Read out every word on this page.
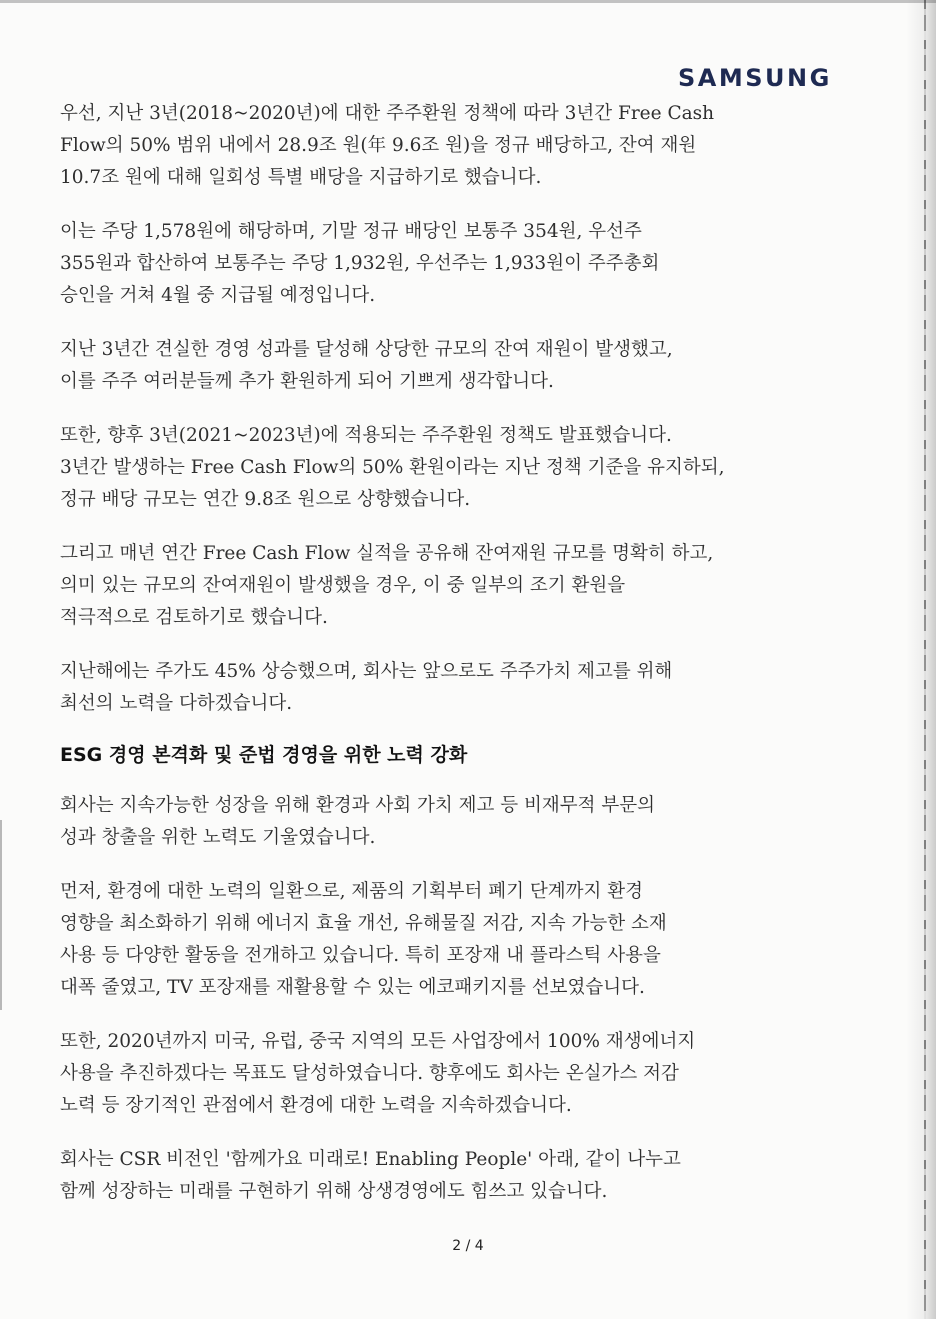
SAMSUNG
우선, 지난 3년(2018~2020년)에 대한 주주환원 정책에 따라 3년간 Free Cash
Flow의 50% 범위 내에서 28.9조 원(年 9.6조 원)을 정규 배당하고, 잔여 재원
10.7조 원에 대해 일회성 특별 배당을 지급하기로 했습니다.
이는 주당 1,578원에 해당하며, 기말 정규 배당인 보통주 354원, 우선주
355원과 합산하여 보통주는 주당 1,932원, 우선주는 1,933원이 주주총회
승인을 거쳐 4월 중 지급될 예정입니다.
지난 3년간 견실한 경영 성과를 달성해 상당한 규모의 잔여 재원이 발생했고,
이를 주주 여러분들께 추가 환원하게 되어 기쁘게 생각합니다.
또한, 향후 3년(2021~2023년)에 적용되는 주주환원 정책도 발표했습니다.
3년간 발생하는 Free Cash Flow의 50% 환원이라는 지난 정책 기준을 유지하되,
정규 배당 규모는 연간 9.8조 원으로 상향했습니다.
그리고 매년 연간 Free Cash Flow 실적을 공유해 잔여재원 규모를 명확히 하고,
의미 있는 규모의 잔여재원이 발생했을 경우, 이 중 일부의 조기 환원을
적극적으로 검토하기로 했습니다.
지난해에는 주가도 45% 상승했으며, 회사는 앞으로도 주주가치 제고를 위해
최선의 노력을 다하겠습니다.
ESG 경영 본격화 및 준법 경영을 위한 노력 강화
회사는 지속가능한 성장을 위해 환경과 사회 가치 제고 등 비재무적 부문의
성과 창출을 위한 노력도 기울였습니다.
먼저, 환경에 대한 노력의 일환으로, 제품의 기획부터 폐기 단계까지 환경
영향을 최소화하기 위해 에너지 효율 개선, 유해물질 저감, 지속 가능한 소재
사용 등 다양한 활동을 전개하고 있습니다. 특히 포장재 내 플라스틱 사용을
대폭 줄였고, TV 포장재를 재활용할 수 있는 에코패키지를 선보였습니다.
또한, 2020년까지 미국, 유럽, 중국 지역의 모든 사업장에서 100% 재생에너지
사용을 추진하겠다는 목표도 달성하였습니다. 향후에도 회사는 온실가스 저감
노력 등 장기적인 관점에서 환경에 대한 노력을 지속하겠습니다.
회사는 CSR 비전인 '함께가요 미래로! Enabling People' 아래, 같이 나누고
함께 성장하는 미래를 구현하기 위해 상생경영에도 힘쓰고 있습니다.
2 / 4
